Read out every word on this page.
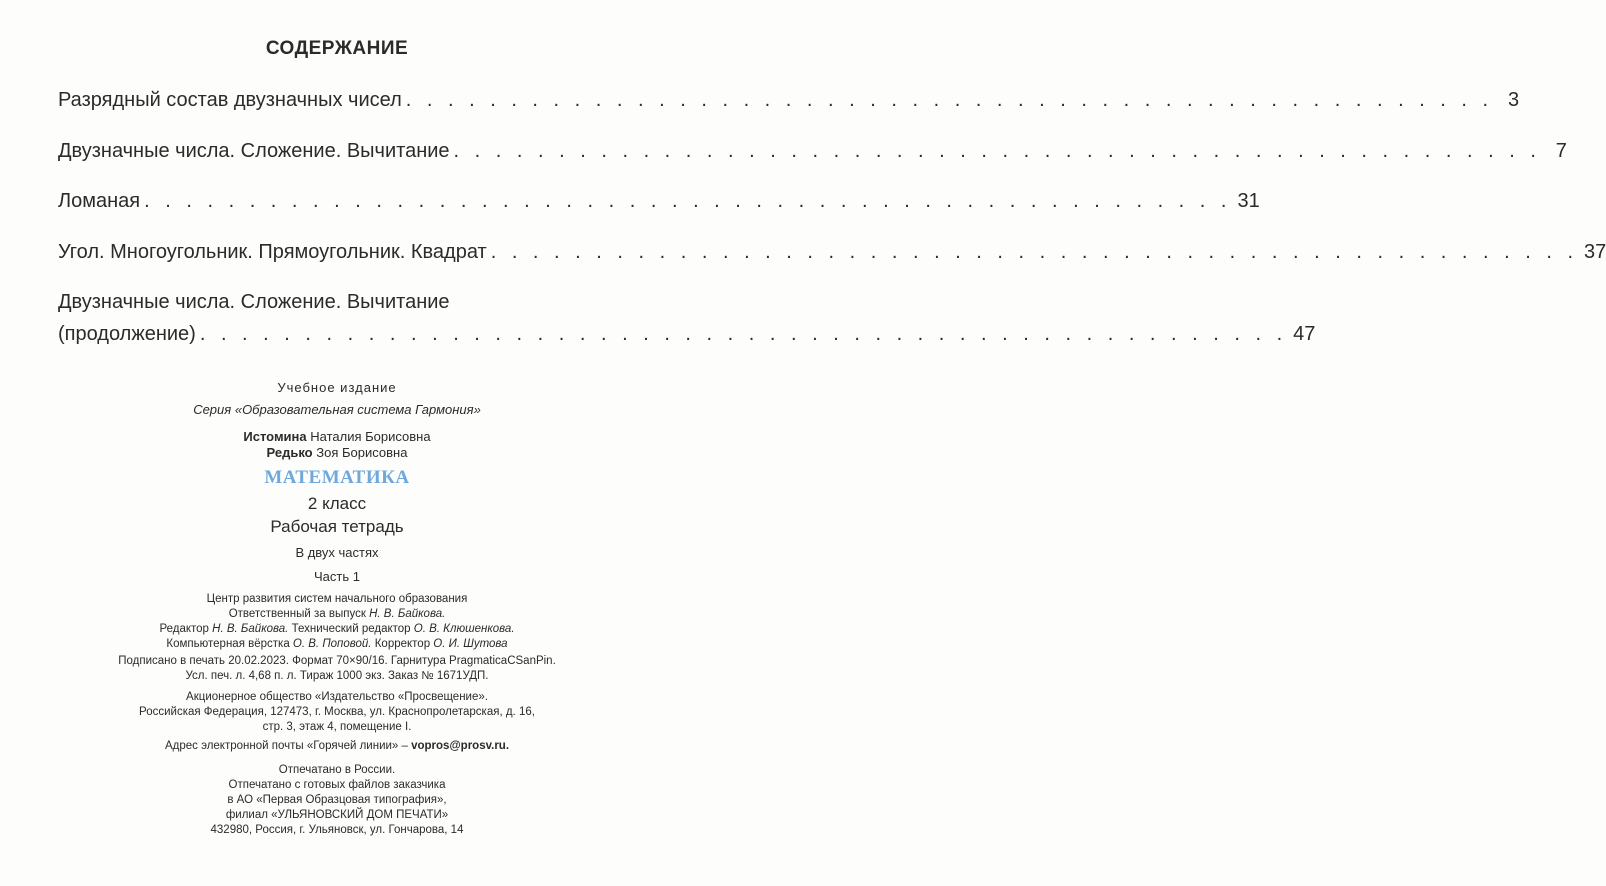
СОДЕРЖАНИЕ
Разрядный состав двузначных чисел . . . . . . . . . . . . . . . . . . . . . . . . . . . . . . . . . . . . . . . . . . . . . . . . . . . . 3
Двузначные числа. Сложение. Вычитание . . . . . . . . . . . . . . . . . . . . . . . . . . . . . . . . . . . . . . . . . . . . . . . . . . . . 7
Ломаная . . . . . . . . . . . . . . . . . . . . . . . . . . . . . . . . . . . . . . . . . . . . . . . . . . . . 31
Угол. Многоугольник. Прямоугольник. Квадрат . . . . . . . . . . . . . . . . . . . . . . . . . . . . . . . . . . . . . . . . . . . . . . . . . . . . 37
Двузначные числа. Сложение. Вычитание
(продолжение) . . . . . . . . . . . . . . . . . . . . . . . . . . . . . . . . . . . . . . . . . . . . . . . . . . . . 47
Учебное издание
Серия «Образовательная система Гармония»
Истомина Наталия Борисовна
Редько Зоя Борисовна
МАТЕМАТИКА
2 класс
Рабочая тетрадь
В двух частях
Часть 1
Центр развития систем начального образования
Ответственный за выпуск Н. В. Байкова.
Редактор Н. В. Байкова. Технический редактор О. В. Клюшенкова.
Компьютерная вёрстка О. В. Поповой. Корректор О. И. Шутова
Подписано в печать 20.02.2023. Формат 70×90/16. Гарнитура PragmaticaCSanPin.
Усл. печ. л. 4,68 п. л. Тираж 1000 экз. Заказ № 1671УДП.
Акционерное общество «Издательство «Просвещение».
Российская Федерация, 127473, г. Москва, ул. Краснопролетарская, д. 16,
стр. 3, этаж 4, помещение I.
Адрес электронной почты «Горячей линии» – vopros@prosv.ru.
Отпечатано в России.
Отпечатано с готовых файлов заказчика
в АО «Первая Образцовая типография»,
филиал «УЛЬЯНОВСКИЙ ДОМ ПЕЧАТИ»
432980, Россия, г. Ульяновск, ул. Гончарова, 14
